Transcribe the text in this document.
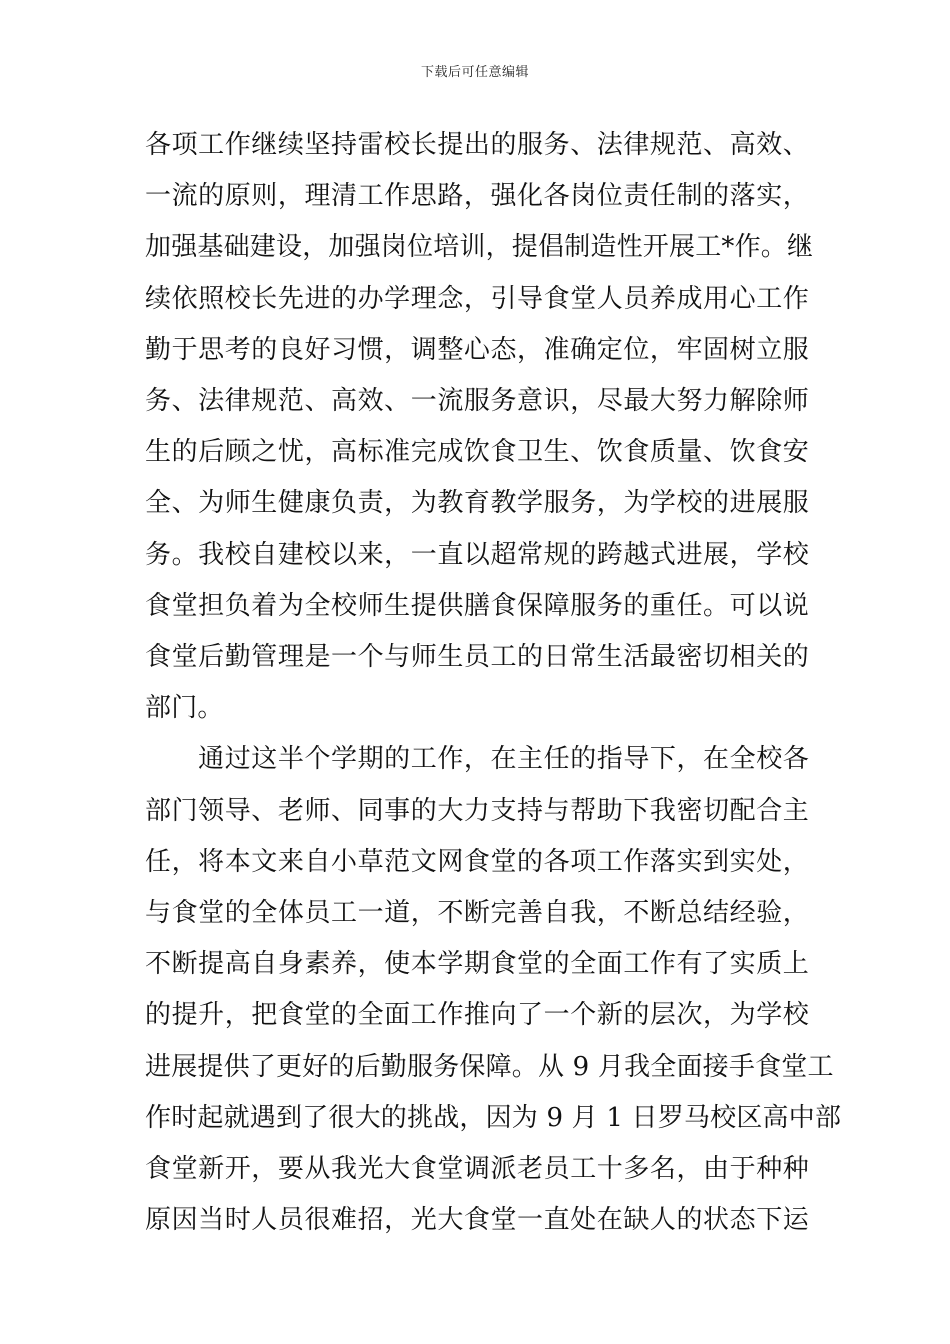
下载后可任意编辑
各项工作继续坚持雷校长提出的服务、法律规范、高效、
一流的原则，理清工作思路，强化各岗位责任制的落实，
加强基础建设，加强岗位培训，提倡制造性开展工*作。继
续依照校长先进的办学理念，引导食堂人员养成用心工作
勤于思考的良好习惯，调整心态，准确定位，牢固树立服
务、法律规范、高效、一流服务意识，尽最大努力解除师
生的后顾之忧，高标准完成饮食卫生、饮食质量、饮食安
全、为师生健康负责，为教育教学服务，为学校的进展服
务。我校自建校以来，一直以超常规的跨越式进展，学校
食堂担负着为全校师生提供膳食保障服务的重任。可以说
食堂后勤管理是一个与师生员工的日常生活最密切相关的
部门。
　　通过这半个学期的工作，在主任的指导下，在全校各
部门领导、老师、同事的大力支持与帮助下我密切配合主
任，将本文来自小草范文网食堂的各项工作落实到实处，
与食堂的全体员工一道，不断完善自我，不断总结经验，
不断提高自身素养，使本学期食堂的全面工作有了实质上
的提升，把食堂的全面工作推向了一个新的层次，为学校
进展提供了更好的后勤服务保障。从 9 月我全面接手食堂工
作时起就遇到了很大的挑战，因为 9 月 1 日罗马校区高中部
食堂新开，要从我光大食堂调派老员工十多名，由于种种
原因当时人员很难招，光大食堂一直处在缺人的状态下运
